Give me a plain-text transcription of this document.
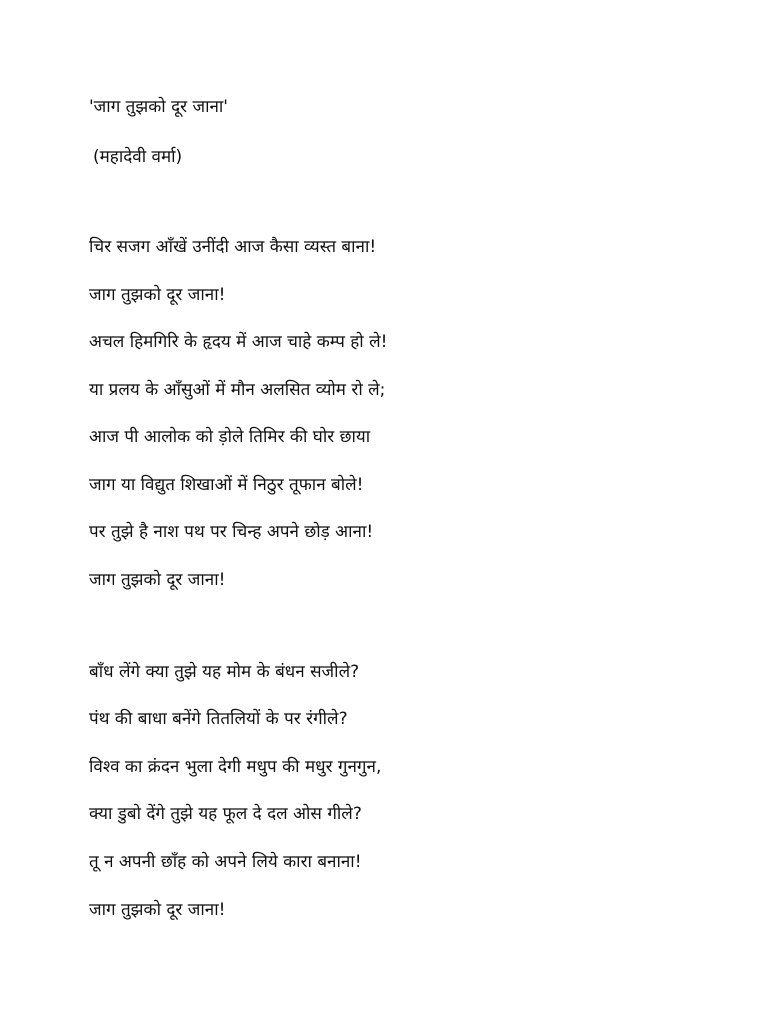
'जाग तुझको दूर जाना'
(महादेवी वर्मा)
चिर सजग आँखें उनींदी आज कैसा व्यस्त बाना!
जाग तुझको दूर जाना!
अचल हिमगिरि के हृदय में आज चाहे कम्प हो ले!
या प्रलय के आँसुओं में मौन अलसित व्योम रो ले;
आज पी आलोक को ड़ोले तिमिर की घोर छाया
जाग या विद्युत शिखाओं में निठुर तूफान बोले!
पर तुझे है नाश पथ पर चिन्ह अपने छोड़ आना!
जाग तुझको दूर जाना!
बाँध लेंगे क्या तुझे यह मोम के बंधन सजीले?
पंथ की बाधा बनेंगे तितलियों के पर रंगीले?
विश्व का क्रंदन भुला देगी मधुप की मधुर गुनगुन,
क्या डुबो देंगे तुझे यह फूल दे दल ओस गीले?
तू न अपनी छाँह को अपने लिये कारा बनाना!
जाग तुझको दूर जाना!
